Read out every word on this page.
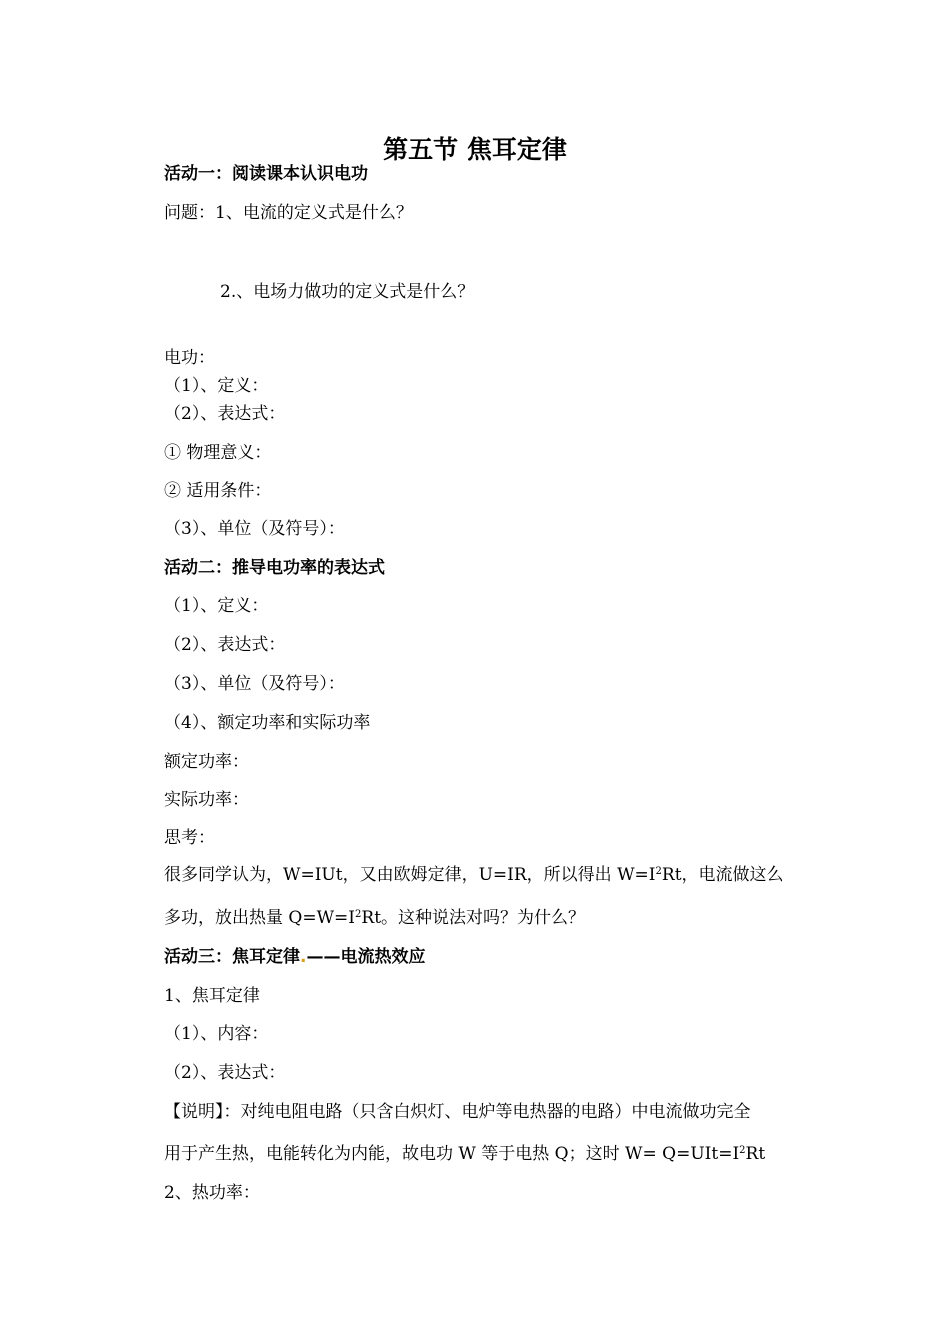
第五节 焦耳定律
活动一：阅读课本认识电功
问题：1、电流的定义式是什么？
2.、电场力做功的定义式是什么？
电功：
（1）、定义：
（2）、表达式：
① 物理意义：
② 适用条件：
（3）、单位（及符号）：
活动二：推导电功率的表达式
（1）、定义：
（2）、表达式：
（3）、单位（及符号）：
（4）、额定功率和实际功率
额定功率：
实际功率：
思考：
很多同学认为，W=IUt，又由欧姆定律，U=IR，所以得出 $W=I^2Rt$，电流做这么
多功，放出热量 $Q=W=I^2Rt$。这种说法对吗？为什么？
活动三：焦耳定律.——电流热效应
1、焦耳定律
（1）、内容：
（2）、表达式：
【说明】：对纯电阻电路（只含白炽灯、电炉等电热器的电路）中电流做功完全
用于产生热，电能转化为内能，故电功 W 等于电热 Q；这时 $W= Q=UIt=I^2Rt$
2、热功率：
